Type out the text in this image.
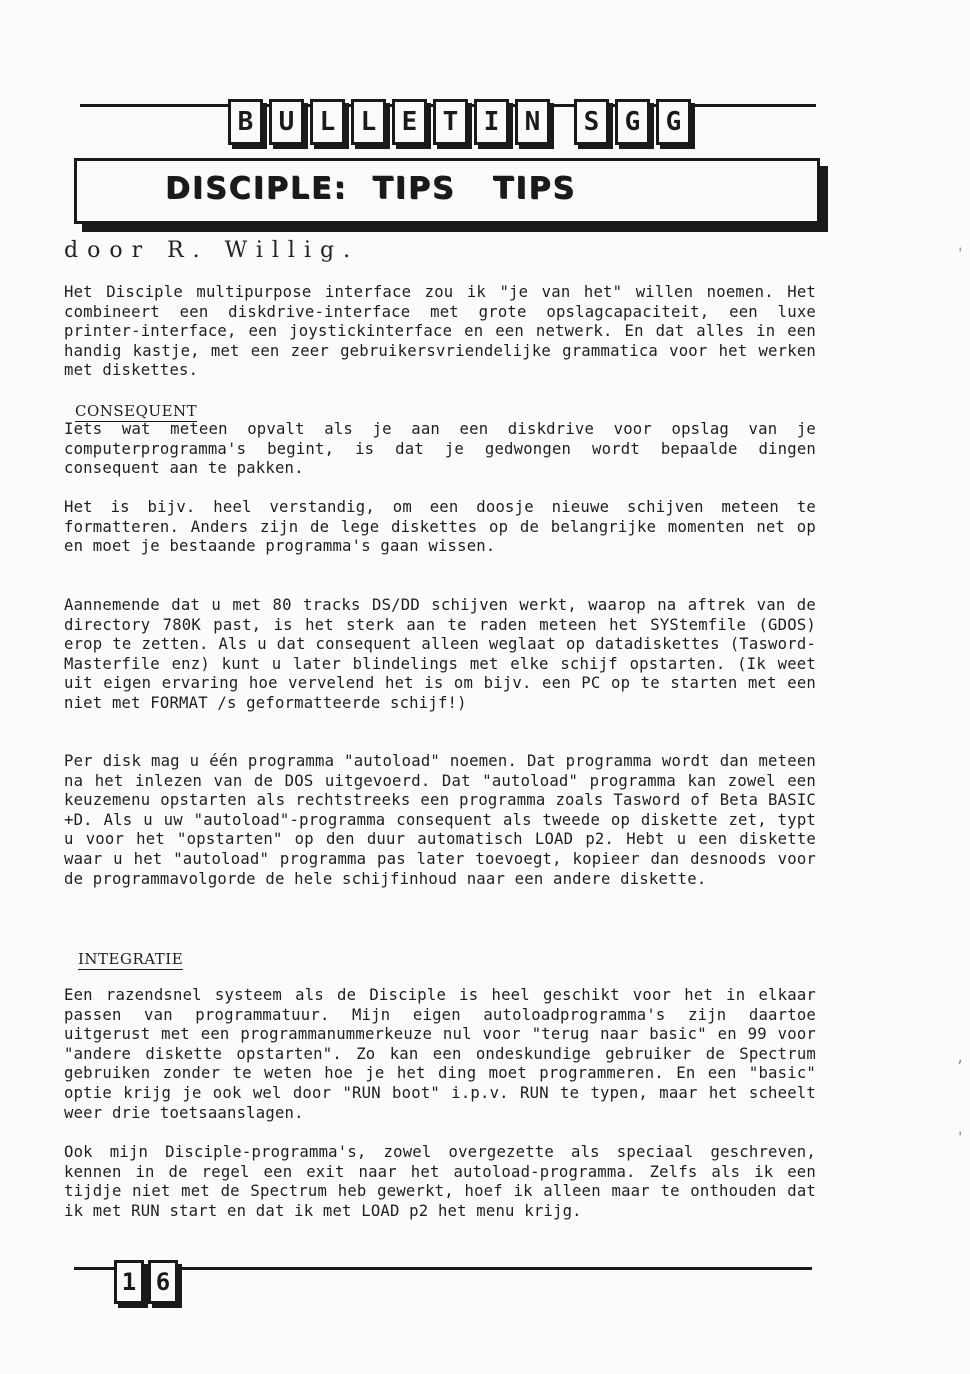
B U L L E T I N	S G G
DISCIPLE:  TIPS   TIPS
door R. Willig.
Het Disciple multipurpose interface zou ik "je van het" willen noemen. Het combineert een diskdrive-interface met grote opslagcapaciteit, een luxe printer-interface, een joystickinterface en een netwerk. En dat alles in een handig kastje, met een zeer gebruikersvriendelijke grammatica voor het werken met diskettes.
CONSEQUENT
Iets wat meteen opvalt als je aan een diskdrive voor opslag van je computerprogramma's begint, is dat je gedwongen wordt bepaalde dingen consequent aan te pakken.
Het is bijv. heel verstandig, om een doosje nieuwe schijven meteen te formatteren. Anders zijn de lege diskettes op de belangrijke momenten net op en moet je bestaande programma's gaan wissen.
Aannemende dat u met 80 tracks DS/DD schijven werkt, waarop na aftrek van de directory 780K past, is het sterk aan te raden meteen het SYStemfile (GDOS) erop te zetten. Als u dat consequent alleen weglaat op datadiskettes (Tasword-Masterfile enz) kunt u later blindelings met elke schijf opstarten. (Ik weet uit eigen ervaring hoe vervelend het is om bijv. een PC op te starten met een niet met FORMAT /s geformatteerde schijf!)
Per disk mag u één programma "autoload" noemen. Dat programma wordt dan meteen na het inlezen van de DOS uitgevoerd. Dat "autoload" programma kan zowel een keuzemenu opstarten als rechtstreeks een programma zoals Tasword of Beta BASIC +D. Als u uw "autoload"-programma consequent als tweede op diskette zet, typt u voor het "opstarten" op den duur automatisch LOAD p2. Hebt u een diskette waar u het "autoload" programma pas later toevoegt, kopieer dan desnoods voor de programmavolgorde de hele schijfinhoud naar een andere diskette.
INTEGRATIE
Een razendsnel systeem als de Disciple is heel geschikt voor het in elkaar passen van programmatuur. Mijn eigen autoloadprogramma's zijn daartoe uitgerust met een programmanummerkeuze nul voor "terug naar basic" en 99 voor "andere diskette opstarten". Zo kan een ondeskundige gebruiker de Spectrum gebruiken zonder te weten hoe je het ding moet programmeren. En een "basic" optie krijg je ook wel door "RUN boot" i.p.v. RUN te typen, maar het scheelt weer drie toetsaanslagen.
Ook mijn Disciple-programma's, zowel overgezette als speciaal geschreven, kennen in de regel een exit naar het autoload-programma. Zelfs als ik een tijdje niet met de Spectrum heb gewerkt, hoef ik alleen maar te onthouden dat ik met RUN start en dat ik met LOAD p2 het menu krijg.
1 6
'
,
'
